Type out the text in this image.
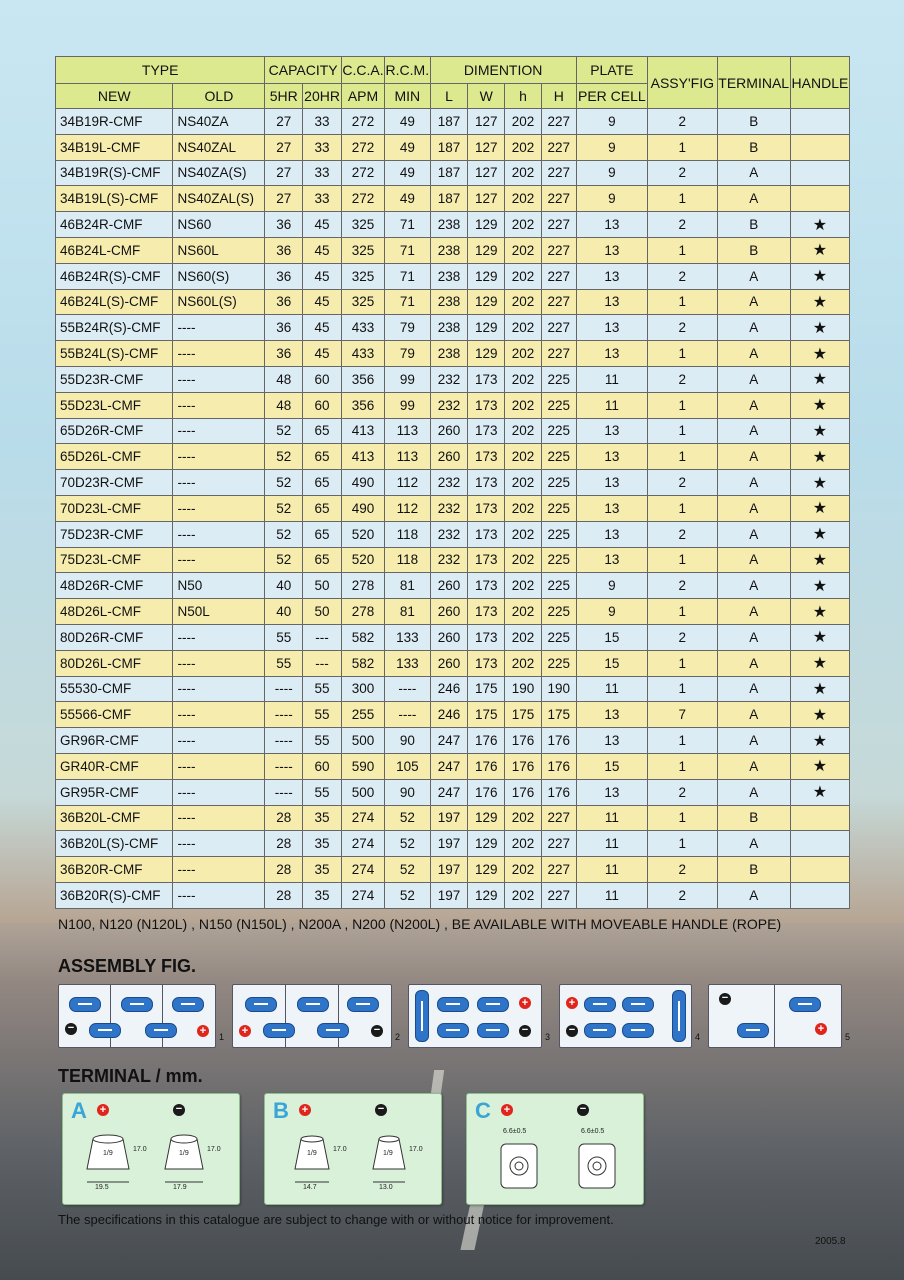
TYPE		CAPACITY		C.C.A.	R.C.M.	DIMENTION				PLATE	ASSY'FIG	TERMINAL	HANDLE
NEW	OLD	5HR	20HR	APM	MIN	L	W	h	H	PER CELL			
34B19R-CMF	NS40ZA	27	33	272	49	187	127	202	227	9	2	B	
34B19L-CMF	NS40ZAL	27	33	272	49	187	127	202	227	9	1	B	
34B19R(S)-CMF	NS40ZA(S)	27	33	272	49	187	127	202	227	9	2	A	
34B19L(S)-CMF	NS40ZAL(S)	27	33	272	49	187	127	202	227	9	1	A	
46B24R-CMF	NS60	36	45	325	71	238	129	202	227	13	2	B	★
46B24L-CMF	NS60L	36	45	325	71	238	129	202	227	13	1	B	★
46B24R(S)-CMF	NS60(S)	36	45	325	71	238	129	202	227	13	2	A	★
46B24L(S)-CMF	NS60L(S)	36	45	325	71	238	129	202	227	13	1	A	★
55B24R(S)-CMF	----	36	45	433	79	238	129	202	227	13	2	A	★
55B24L(S)-CMF	----	36	45	433	79	238	129	202	227	13	1	A	★
55D23R-CMF	----	48	60	356	99	232	173	202	225	11	2	A	★
55D23L-CMF	----	48	60	356	99	232	173	202	225	11	1	A	★
65D26R-CMF	----	52	65	413	113	260	173	202	225	13	1	A	★
65D26L-CMF	----	52	65	413	113	260	173	202	225	13	1	A	★
70D23R-CMF	----	52	65	490	112	232	173	202	225	13	2	A	★
70D23L-CMF	----	52	65	490	112	232	173	202	225	13	1	A	★
75D23R-CMF	----	52	65	520	118	232	173	202	225	13	2	A	★
75D23L-CMF	----	52	65	520	118	232	173	202	225	13	1	A	★
48D26R-CMF	N50	40	50	278	81	260	173	202	225	9	2	A	★
48D26L-CMF	N50L	40	50	278	81	260	173	202	225	9	1	A	★
80D26R-CMF	----	55	---	582	133	260	173	202	225	15	2	A	★
80D26L-CMF	----	55	---	582	133	260	173	202	225	15	1	A	★
55530-CMF	----	----	55	300	----	246	175	190	190	11	1	A	★
55566-CMF	----	----	55	255	----	246	175	175	175	13	7	A	★
GR96R-CMF	----	----	55	500	90	247	176	176	176	13	1	A	★
GR40R-CMF	----	----	60	590	105	247	176	176	176	15	1	A	★
GR95R-CMF	----	----	55	500	90	247	176	176	176	13	2	A	★
36B20L-CMF	----	28	35	274	52	197	129	202	227	11	1	B	
36B20L(S)-CMF	----	28	35	274	52	197	129	202	227	11	1	A	
36B20R-CMF	----	28	35	274	52	197	129	202	227	11	2	B	
36B20R(S)-CMF	----	28	35	274	52	197	129	202	227	11	2	A	
N100, N120 (N120L) , N150 (N150L) , N200A , N200 (N200L) , BE AVAILABLE WITH MOVEABLE HANDLE (ROPE)
ASSEMBLY FIG.
−	+	1 +	−
2
+
−
3
+
−
4
−
+
5
TERMINAL / mm.
A +	−
1/9
17.0
1/9
17.0
19.5	17.9
B +	−
1/9
17.0
1/9
17.0
14.7	13.0
C +	−
6.6±0.5	6.6±0.5
The specifications in this catalogue are subject to change with or without notice for improvement.
2005.8
